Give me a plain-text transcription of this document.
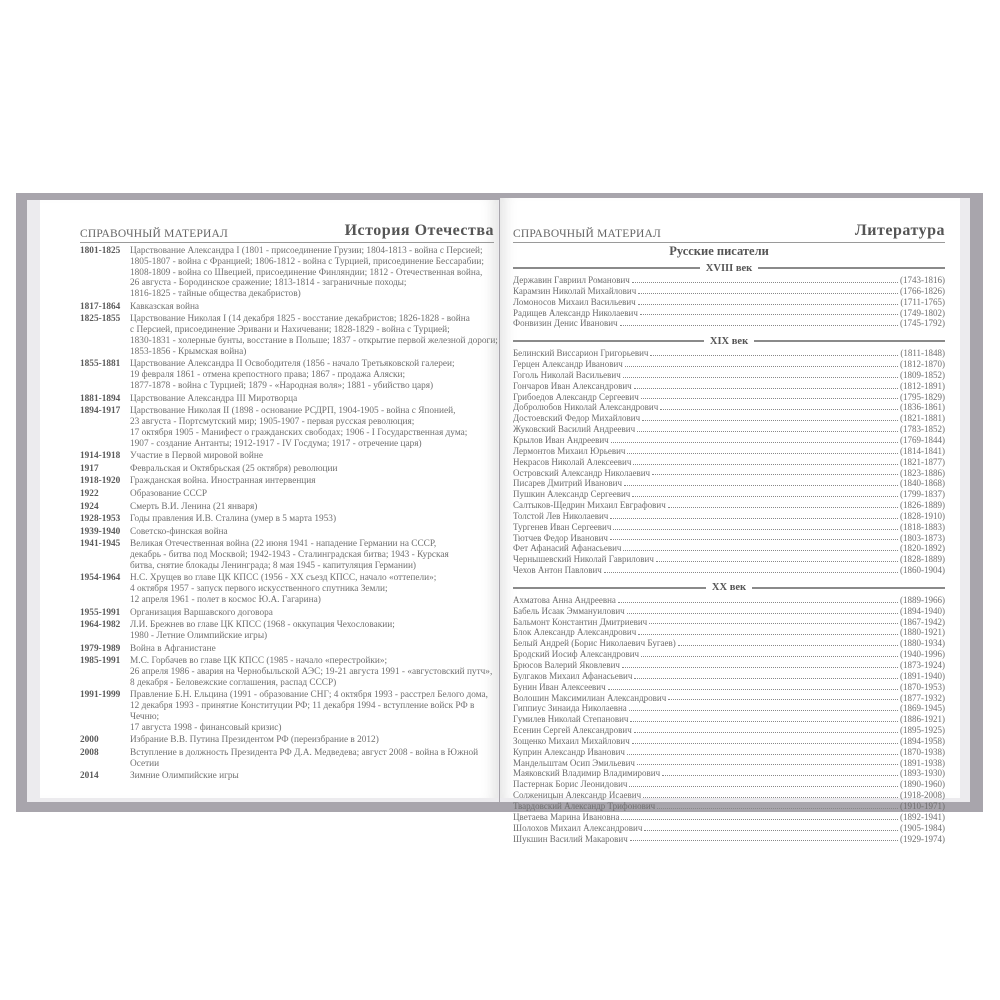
СПРАВОЧНЫЙ МАТЕРИАЛ	История Отечества
1801-1825	Царствование Александра I (1801 - присоединение Грузии; 1804-1813 - война с Персией;
1805-1807 - война с Францией; 1806-1812 - война с Турцией, присоединение Бессарабии;
1808-1809 - война со Швецией, присоединение Финляндии; 1812 - Отечественная война,
26 августа - Бородинское сражение; 1813-1814 - заграничные походы;
1816-1825 - тайные общества декабристов)
1817-1864	Кавказская война
1825-1855	Царствование Николая I (14 декабря 1825 - восстание декабристов; 1826-1828 - война
с Персией, присоединение Эривани и Нахичевани; 1828-1829 - война с Турцией;
1830-1831 - холерные бунты, восстание в Польше; 1837 - открытие первой железной дороги;
1853-1856 - Крымская война)
1855-1881	Царствование Александра II Освободителя (1856 - начало Третьяковской галереи;
19 февраля 1861 - отмена крепостного права; 1867 - продажа Аляски;
1877-1878 - война с Турцией; 1879 - «Народная воля»; 1881 - убийство царя)
1881-1894	Царствование Александра III Миротворца
1894-1917	Царствование Николая II (1898 - основание РСДРП, 1904-1905 - война с Японией,
23 августа - Портсмутский мир; 1905-1907 - первая русская революция;
17 октября 1905 - Манифест о гражданских свободах; 1906 - I Государственная дума;
1907 - создание Антанты; 1912-1917 - IV Госдума; 1917 - отречение царя)
1914-1918	Участие в Первой мировой войне
1917	Февральская и Октябрьская (25 октября) революции
1918-1920	Гражданская война. Иностранная интервенция
1922	Образование СССР
1924	Смерть В.И. Ленина (21 января)
1928-1953	Годы правления И.В. Сталина (умер в 5 марта 1953)
1939-1940	Советско-финская война
1941-1945	Великая Отечественная война (22 июня 1941 - нападение Германии на СССР,
декабрь - битва под Москвой; 1942-1943 - Сталинградская битва; 1943 - Курская
битва, снятие блокады Ленинграда; 8 мая 1945 - капитуляция Германии)
1954-1964	Н.С. Хрущев во главе ЦК КПСС (1956 - XX съезд КПСС, начало «оттепели»;
4 октября 1957 - запуск первого искусственного спутника Земли;
12 апреля 1961 - полет в космос Ю.А. Гагарина)
1955-1991	Организация Варшавского договора
1964-1982	Л.И. Брежнев во главе ЦК КПСС (1968 - оккупация Чехословакии;
1980 - Летние Олимпийские игры)
1979-1989	Война в Афганистане
1985-1991	М.С. Горбачев во главе ЦК КПСС (1985 - начало «перестройки»;
26 апреля 1986 - авария на Чернобыльской АЭС; 19-21 августа 1991 - «августовский путч»,
8 декабря - Беловежские соглашения, распад СССР)
1991-1999	Правление Б.Н. Ельцина (1991 - образование СНГ; 4 октября 1993 - расстрел Белого дома,
12 декабря 1993 - принятие Конституции РФ; 11 декабря 1994 - вступление войск РФ в Чечню;
17 августа 1998 - финансовый кризис)
2000	Избрание В.В. Путина Президентом РФ (переизбрание в 2012)
2008	Вступление в должность Президента РФ Д.А. Медведева; август 2008 - война в Южной Осетии
2014	Зимние Олимпийские игры
СПРАВОЧНЫЙ МАТЕРИАЛ	Литература
Русские писатели
XVIII век
Державин Гавриил Романович	(1743-1816)
Карамзин Николай Михайлович	(1766-1826)
Ломоносов Михаил Васильевич	(1711-1765)
Радищев Александр Николаевич	(1749-1802)
Фонвизин Денис Иванович	(1745-1792)
XIX век
Белинский Виссарион Григорьевич	(1811-1848)
Герцен Александр Иванович	(1812-1870)
Гоголь Николай Васильевич	(1809-1852)
Гончаров Иван Александрович	(1812-1891)
Грибоедов Александр Сергеевич	(1795-1829)
Добролюбов Николай Александрович	(1836-1861)
Достоевский Федор Михайлович	(1821-1881)
Жуковский Василий Андреевич	(1783-1852)
Крылов Иван Андреевич	(1769-1844)
Лермонтов Михаил Юрьевич	(1814-1841)
Некрасов Николай Алексеевич	(1821-1877)
Островский Александр Николаевич	(1823-1886)
Писарев Дмитрий Иванович	(1840-1868)
Пушкин Александр Сергеевич	(1799-1837)
Салтыков-Щедрин Михаил Евграфович	(1826-1889)
Толстой Лев Николаевич	(1828-1910)
Тургенев Иван Сергеевич	(1818-1883)
Тютчев Федор Иванович	(1803-1873)
Фет Афанасий Афанасьевич	(1820-1892)
Чернышевский Николай Гаврилович	(1828-1889)
Чехов Антон Павлович	(1860-1904)
XX век
Ахматова Анна Андреевна	(1889-1966)
Бабель Исаак Эммануилович	(1894-1940)
Бальмонт Константин Дмитриевич	(1867-1942)
Блок Александр Александрович	(1880-1921)
Белый Андрей (Борис Николаевич Бугаев)	(1880-1934)
Бродский Иосиф Александрович	(1940-1996)
Брюсов Валерий Яковлевич	(1873-1924)
Булгаков Михаил Афанасьевич	(1891-1940)
Бунин Иван Алексеевич	(1870-1953)
Волошин Максимилиан Александрович	(1877-1932)
Гиппиус Зинаида Николаевна	(1869-1945)
Гумилев Николай Степанович	(1886-1921)
Есенин Сергей Александрович	(1895-1925)
Зощенко Михаил Михайлович	(1894-1958)
Куприн Александр Иванович	(1870-1938)
Мандельштам Осип Эмильевич	(1891-1938)
Маяковский Владимир Владимирович	(1893-1930)
Пастернак Борис Леонидович	(1890-1960)
Солженицын Александр Исаевич	(1918-2008)
Твардовский Александр Трифонович	(1910-1971)
Цветаева Марина Ивановна	(1892-1941)
Шолохов Михаил Александрович	(1905-1984)
Шукшин Василий Макарович	(1929-1974)
